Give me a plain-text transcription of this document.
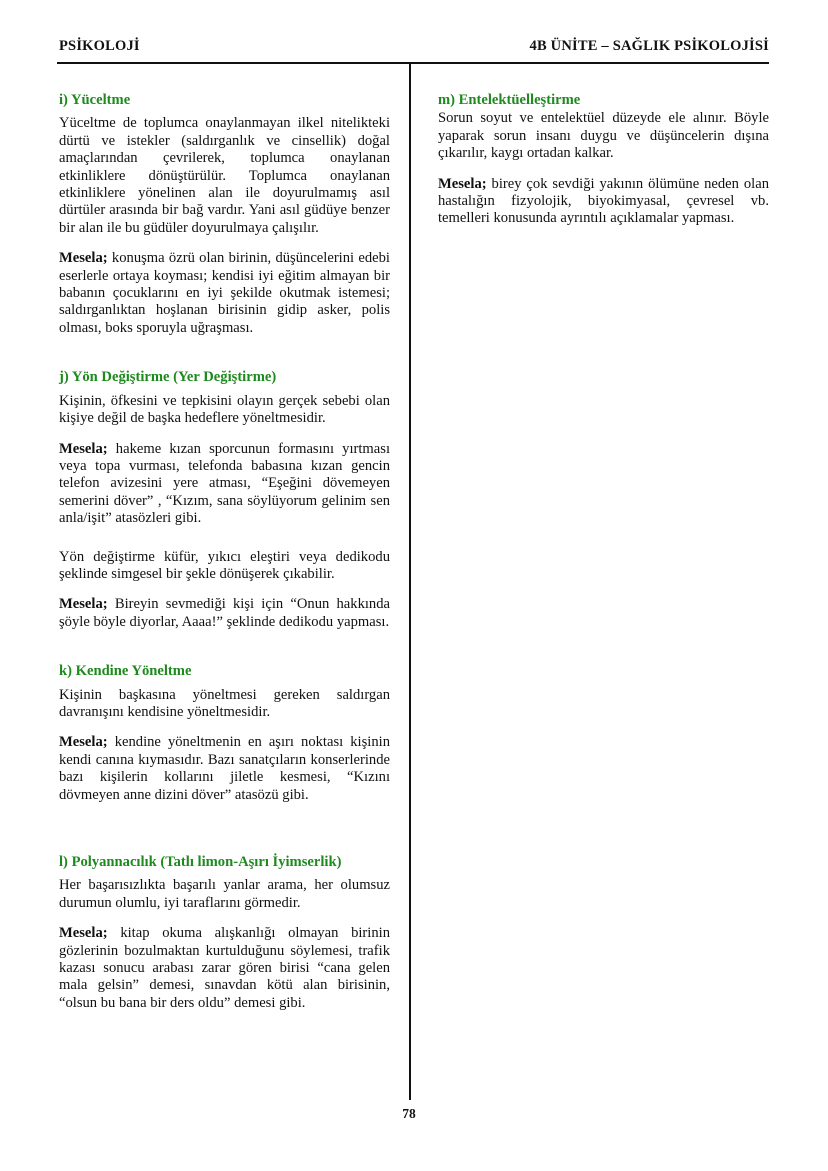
PSİKOLOJİ	4B ÜNİTE – SAĞLIK PSİKOLOJİSİ
i) Yüceltme

Yüceltme de toplumca onaylanmayan ilkel nitelikteki dürtü ve istekler (saldırganlık ve cinsellik) doğal amaçlarından çevrilerek, toplumca onaylanan etkinliklere dönüştürülür. Toplumca onaylanan etkinliklere yönelinen alan ile doyurulmamış asıl dürtüler arasında bir bağ vardır. Yani asıl güdüye benzer bir alan ile bu güdüler doyurulmaya çalışılır.

Mesela; konuşma özrü olan birinin, düşüncelerini edebi eserlerle ortaya koyması; kendisi iyi eğitim almayan bir babanın çocuklarını en iyi şekilde okutmak istemesi; saldırganlıktan hoşlanan birisinin gidip asker, polis olması, boks sporuyla uğraşması.

j) Yön Değiştirme (Yer Değiştirme)

Kişinin, öfkesini ve tepkisini olayın gerçek sebebi olan kişiye değil de başka hedeflere yöneltmesidir.

Mesela; hakeme kızan sporcunun formasını yırtması veya topa vurması, telefonda babasına kızan gencin telefon avizesini yere atması, “Eşeğini dövemeyen semerini döver” , “Kızım, sana söylüyorum gelinim sen anla/işit” atasözleri gibi.

Yön değiştirme küfür, yıkıcı eleştiri veya dedikodu şeklinde simgesel bir şekle dönüşerek çıkabilir.

Mesela; Bireyin sevmediği kişi için “Onun hakkında şöyle böyle diyorlar, Aaaa!” şeklinde dedikodu yapması.

k) Kendine Yöneltme

Kişinin başkasına yöneltmesi gereken saldırgan davranışını kendisine yöneltmesidir.

Mesela; kendine yöneltmenin en aşırı noktası kişinin kendi canına kıymasıdır. Bazı sanatçıların konserlerinde bazı kişilerin kollarını jiletle kesmesi, “Kızını dövmeyen anne dizini döver” atasözü gibi.

l) Polyannacılık (Tatlı limon-Aşırı İyimserlik)

Her başarısızlıkta başarılı yanlar arama, her olumsuz durumun olumlu, iyi taraflarını görmedir.

Mesela; kitap okuma alışkanlığı olmayan birinin gözlerinin bozulmaktan kurtulduğunu söylemesi, trafik kazası sonucu arabası zarar gören birisi “cana gelen mala gelsin” demesi, sınavdan kötü alan birisinin, “olsun bu bana bir ders oldu” demesi gibi.

m) Entelektüelleştirme

Sorun soyut ve entelektüel düzeyde ele alınır. Böyle yaparak sorun insanı duygu ve düşüncelerin dışına çıkarılır, kaygı ortadan kalkar.

Mesela; birey çok sevdiği yakının ölümüne neden olan hastalığın fizyolojik, biyokimyasal, çevresel vb. temelleri konusunda ayrıntılı açıklamalar yapması.

78
